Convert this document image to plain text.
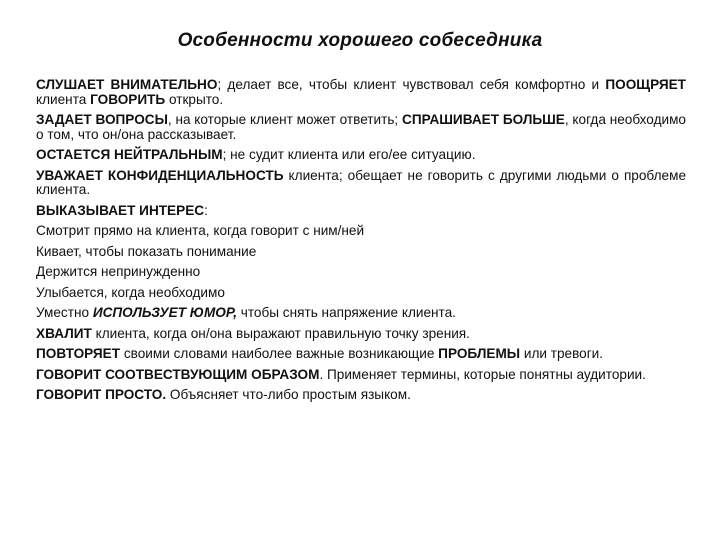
Особенности хорошего собеседника

СЛУШАЕТ ВНИМАТЕЛЬНО; делает все, чтобы клиент чувствовал себя комфортно и ПООЩРЯЕТ клиента ГОВОРИТЬ открыто.

ЗАДАЕТ ВОПРОСЫ, на которые клиент может ответить; СПРАШИВАЕТ БОЛЬШЕ, когда необходимо о том, что он/она рассказывает.

ОСТАЕТСЯ НЕЙТРАЛЬНЫМ; не судит клиента или его/ее ситуацию.

УВАЖАЕТ КОНФИДЕНЦИАЛЬНОСТЬ клиента; обещает не говорить с другими людьми о проблеме клиента.

ВЫКАЗЫВАЕТ ИНТЕРЕС:

Смотрит прямо на клиента, когда говорит с ним/ней

Кивает, чтобы показать понимание

Держится непринужденно

Улыбается, когда необходимо

Уместно ИСПОЛЬЗУЕТ ЮМОР, чтобы снять напряжение клиента.

ХВАЛИТ клиента, когда он/она выражают правильную точку зрения.

ПОВТОРЯЕТ своими словами наиболее важные возникающие ПРОБЛЕМЫ или тревоги.

ГОВОРИТ СООТВЕСТВУЮЩИМ ОБРАЗОМ. Применяет термины, которые понятны аудитории.

ГОВОРИТ ПРОСТО. Объясняет что-либо простым языком.
